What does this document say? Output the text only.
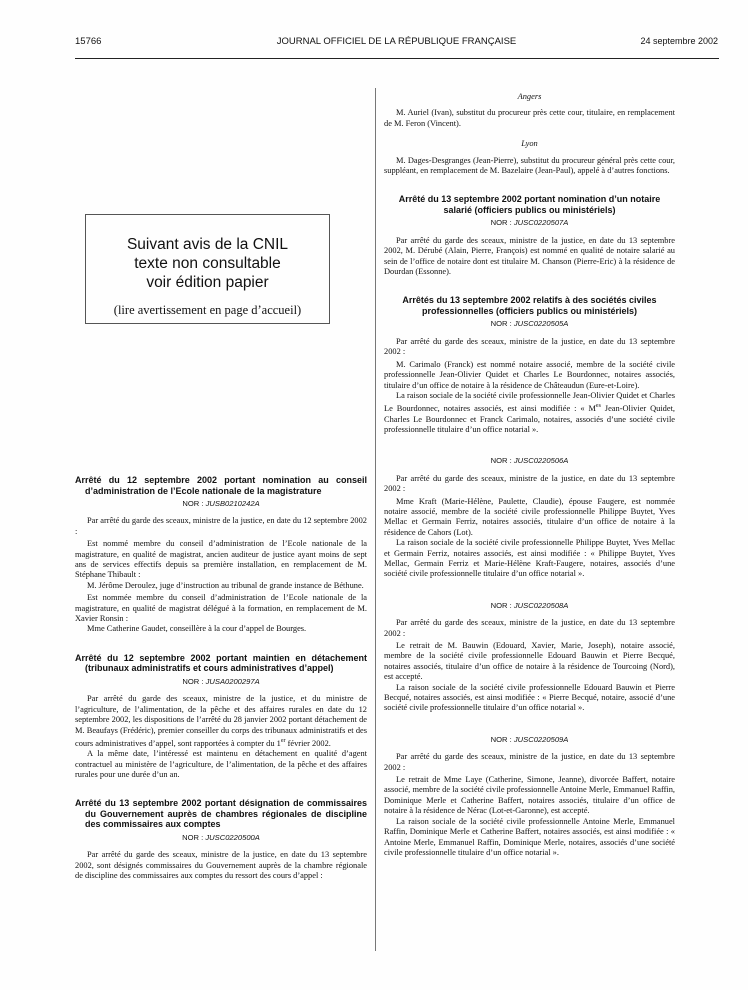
15766	JOURNAL OFFICIEL DE LA RÉPUBLIQUE FRANÇAISE	24 septembre 2002
Suivant avis de la CNIL
texte non consultable
voir édition papier
(lire avertissement en page d’accueil)
Arrêté du 12 septembre 2002 portant nomination au conseil d’administration de l’Ecole nationale de la magistrature
NOR : JUSB0210242A

Par arrêté du garde des sceaux, ministre de la justice, en date du 12 septembre 2002 :

Est nommé membre du conseil d’administration de l’Ecole nationale de la magistrature, en qualité de magistrat, ancien auditeur de justice ayant moins de sept ans de services effectifs depuis sa première installation, en remplacement de M. Stéphane Thibault :

M. Jérôme Deroulez, juge d’instruction au tribunal de grande instance de Béthune.

Est nommée membre du conseil d’administration de l’Ecole nationale de la magistrature, en qualité de magistrat délégué à la formation, en remplacement de M. Xavier Ronsin :

Mme Catherine Gaudet, conseillère à la cour d’appel de Bourges.

Arrêté du 12 septembre 2002 portant maintien en détachement (tribunaux administratifs et cours administratives d’appel)
NOR : JUSA0200297A

Par arrêté du garde des sceaux, ministre de la justice, et du ministre de l’agriculture, de l’alimentation, de la pêche et des affaires rurales en date du 12 septembre 2002, les dispositions de l’arrêté du 28 janvier 2002 portant détachement de M. Beaufays (Frédéric), premier conseiller du corps des tribunaux administratifs et des cours administratives d’appel, sont rapportées à compter du 1er février 2002.

A la même date, l’intéressé est maintenu en détachement en qualité d’agent contractuel au ministère de l’agriculture, de l’alimentation, de la pêche et des affaires rurales pour une durée d’un an.

Arrêté du 13 septembre 2002 portant désignation de commissaires du Gouvernement auprès de chambres régionales de discipline des commissaires aux comptes
NOR : JUSC0220500A

Par arrêté du garde des sceaux, ministre de la justice, en date du 13 septembre 2002, sont désignés commissaires du Gouvernement auprès de la chambre régionale de discipline des commissaires aux comptes du ressort des cours d’appel :

Angers

M. Auriel (Ivan), substitut du procureur près cette cour, titulaire, en remplacement de M. Feron (Vincent).

Lyon

M. Dages-Desgranges (Jean-Pierre), substitut du procureur général près cette cour, suppléant, en remplacement de M. Bazelaire (Jean-Paul), appelé à d’autres fonctions.

Arrêté du 13 septembre 2002 portant nomination d’un notaire salarié (officiers publics ou ministériels)
NOR : JUSC0220507A

Par arrêté du garde des sceaux, ministre de la justice, en date du 13 septembre 2002, M. Dérubé (Alain, Pierre, François) est nommé en qualité de notaire salarié au sein de l’office de notaire dont est titulaire M. Chanson (Pierre-Eric) à la résidence de Dourdan (Essonne).

Arrêtés du 13 septembre 2002 relatifs à des sociétés civiles professionnelles (officiers publics ou ministériels)
NOR : JUSC0220505A

Par arrêté du garde des sceaux, ministre de la justice, en date du 13 septembre 2002 :

M. Carimalo (Franck) est nommé notaire associé, membre de la société civile professionnelle Jean-Olivier Quidet et Charles Le Bourdonnec, notaires associés, titulaire d’un office de notaire à la résidence de Châteaudun (Eure-et-Loire).

La raison sociale de la société civile professionnelle Jean-Olivier Quidet et Charles Le Bourdonnec, notaires associés, est ainsi modifiée : « $M^{es}$ Jean-Olivier Quidet, Charles Le Bourdonnec et Franck Carimalo, notaires, associés d’une société civile professionnelle titulaire d’un office notarial ».

NOR : JUSC0220506A

Par arrêté du garde des sceaux, ministre de la justice, en date du 13 septembre 2002 :

Mme Kraft (Marie-Hélène, Paulette, Claudie), épouse Faugere, est nommée notaire associé, membre de la société civile professionnelle Philippe Buytet, Yves Mellac et Germain Ferriz, notaires associés, titulaire d’un office de notaire à la résidence de Cahors (Lot).

La raison sociale de la société civile professionnelle Philippe Buytet, Yves Mellac et Germain Ferriz, notaires associés, est ainsi modifiée : « Philippe Buytet, Yves Mellac, Germain Ferriz et Marie-Hélène Kraft-Faugere, notaires, associés d’une société civile professionnelle titulaire d’un office notarial ».

NOR : JUSC0220508A

Par arrêté du garde des sceaux, ministre de la justice, en date du 13 septembre 2002 :

Le retrait de M. Bauwin (Edouard, Xavier, Marie, Joseph), notaire associé, membre de la société civile professionnelle Edouard Bauwin et Pierre Becqué, notaires associés, titulaire d’un office de notaire à la résidence de Tourcoing (Nord), est accepté.

La raison sociale de la société civile professionnelle Edouard Bauwin et Pierre Becqué, notaires associés, est ainsi modifiée : « Pierre Becqué, notaire, associé d’une société civile professionnelle titulaire d’un office notarial ».

NOR : JUSC0220509A

Par arrêté du garde des sceaux, ministre de la justice, en date du 13 septembre 2002 :

Le retrait de Mme Laye (Catherine, Simone, Jeanne), divorcée Baffert, notaire associé, membre de la société civile professionnelle Antoine Merle, Emmanuel Raffin, Dominique Merle et Catherine Baffert, notaires associés, titulaire d’un office de notaire à la résidence de Nérac (Lot-et-Garonne), est accepté.

La raison sociale de la société civile professionnelle Antoine Merle, Emmanuel Raffin, Dominique Merle et Catherine Baffert, notaires associés, est ainsi modifiée : « Antoine Merle, Emmanuel Raffin, Dominique Merle, notaires, associés d’une société civile professionnelle titulaire d’un office notarial ».
